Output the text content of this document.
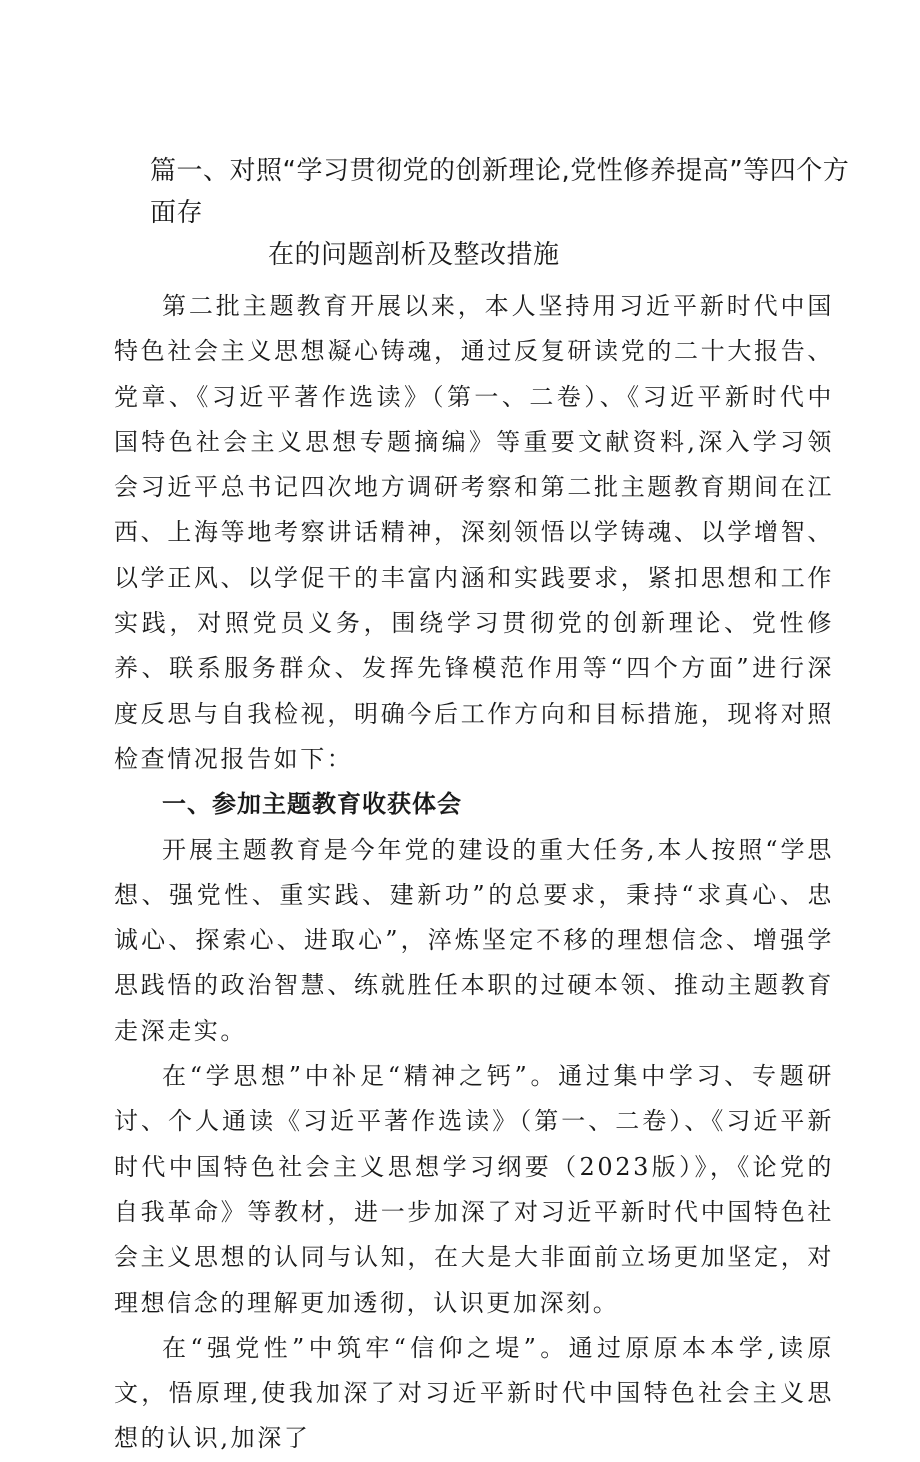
篇一、对照“学习贯彻党的创新理论,党性修养提高”等四个方面存
在的问题剖析及整改措施

第二批主题教育开展以来，本人坚持用习近平新时代中国特色社会主义思想凝心铸魂，通过反复研读党的二十大报告、党章、《习近平著作选读》（第一、二卷）、《习近平新时代中国特色社会主义思想专题摘编》等重要文献资料,深入学习领会习近平总书记四次地方调研考察和第二批主题教育期间在江西、上海等地考察讲话精神，深刻领悟以学铸魂、以学增智、以学正风、以学促干的丰富内涵和实践要求，紧扣思想和工作实践，对照党员义务，围绕学习贯彻党的创新理论、党性修养、联系服务群众、发挥先锋模范作用等“四个方面”进行深度反思与自我检视，明确今后工作方向和目标措施，现将对照检查情况报告如下：

一、参加主题教育收获体会

开展主题教育是今年党的建设的重大任务,本人按照“学思想、强党性、重实践、建新功”的总要求，秉持“求真心、忠诚心、探索心、进取心”，淬炼坚定不移的理想信念、增强学思践悟的政治智慧、练就胜任本职的过硬本领、推动主题教育走深走实。

在“学思想”中补足“精神之钙”。通过集中学习、专题研讨、个人通读《习近平著作选读》（第一、二卷）、《习近平新时代中国特色社会主义思想学习纲要（2023版）》，《论党的自我革命》等教材，进一步加深了对习近平新时代中国特色社会主义思想的认同与认知，在大是大非面前立场更加坚定，对理想信念的理解更加透彻，认识更加深刻。

在“强党性”中筑牢“信仰之堤”。通过原原本本学,读原文，悟原理,使我加深了对习近平新时代中国特色社会主义思想的认识,加深了
